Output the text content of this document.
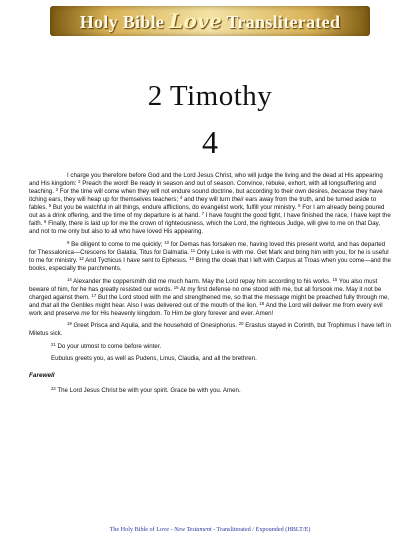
Holy Bible Love Transliterated
2 Timothy
4

I charge you therefore before God and the Lord Jesus Christ, who will judge the living and the dead at His appearing and His kingdom: $^2$ Preach the word! Be ready in season and out of season. Convince, rebuke, exhort, with all longsuffering and teaching. $^3$ For the time will come when they will not endure sound doctrine, but according to their own desires, because they have itching ears, they will heap up for themselves teachers; $^4$ and they will turn their ears away from the truth, and be turned aside to fables. $^5$ But you be watchful in all things, endure afflictions, do evangelist work, fulfill your ministry. $^6$ For I am already being poured out as a drink offering, and the time of my departure is at hand. $^7$ I have fought the good fight, I have finished the race, I have kept the faith. $^8$ Finally, there is laid up for me the crown of righteousness, which the Lord, the righteous Judge, will give to me on that Day, and not to me only but also to all who have loved His appearing.

$^9$ Be diligent to come to me quickly; $^{10}$ for Demas has forsaken me, having loved this present world, and has departed for Thessalonica—Crescens for Galatia, Titus for Dalmatia. $^{11}$ Only Luke is with me. Get Mark and bring him with you, for he is useful to me for ministry. $^{12}$ And Tychicus I have sent to Ephesus. $^{13}$ Bring the cloak that I left with Carpus at Troas when you come—and the books, especially the parchments.

$^{14}$ Alexander the coppersmith did me much harm. May the Lord repay him according to his works. $^{15}$ You also must beware of him, for he has greatly resisted our words. $^{16}$ At my first defense no one stood with me, but all forsook me. May it not be charged against them. $^{17}$ But the Lord stood with me and strengthened me, so that the message might be preached fully through me, and that all the Gentiles might hear. Also I was delivered out of the mouth of the lion. $^{18}$ And the Lord will deliver me from every evil work and preserve me for His heavenly kingdom. To Him be glory forever and ever. Amen!

$^{19}$ Greet Prisca and Aquila, and the household of Onesiphorus. $^{20}$ Erastus stayed in Corinth, but Trophimus I have left in Miletus sick.

$^{21}$ Do your utmost to come before winter.

Eubulus greets you, as well as Pudens, Linus, Claudia, and all the brethren.

Farewell

$^{22}$ The Lord Jesus Christ be with your spirit. Grace be with you. Amen.

The Holy Bible of Love - New Testament - Transliterated / Expounded (HBLT/E)
